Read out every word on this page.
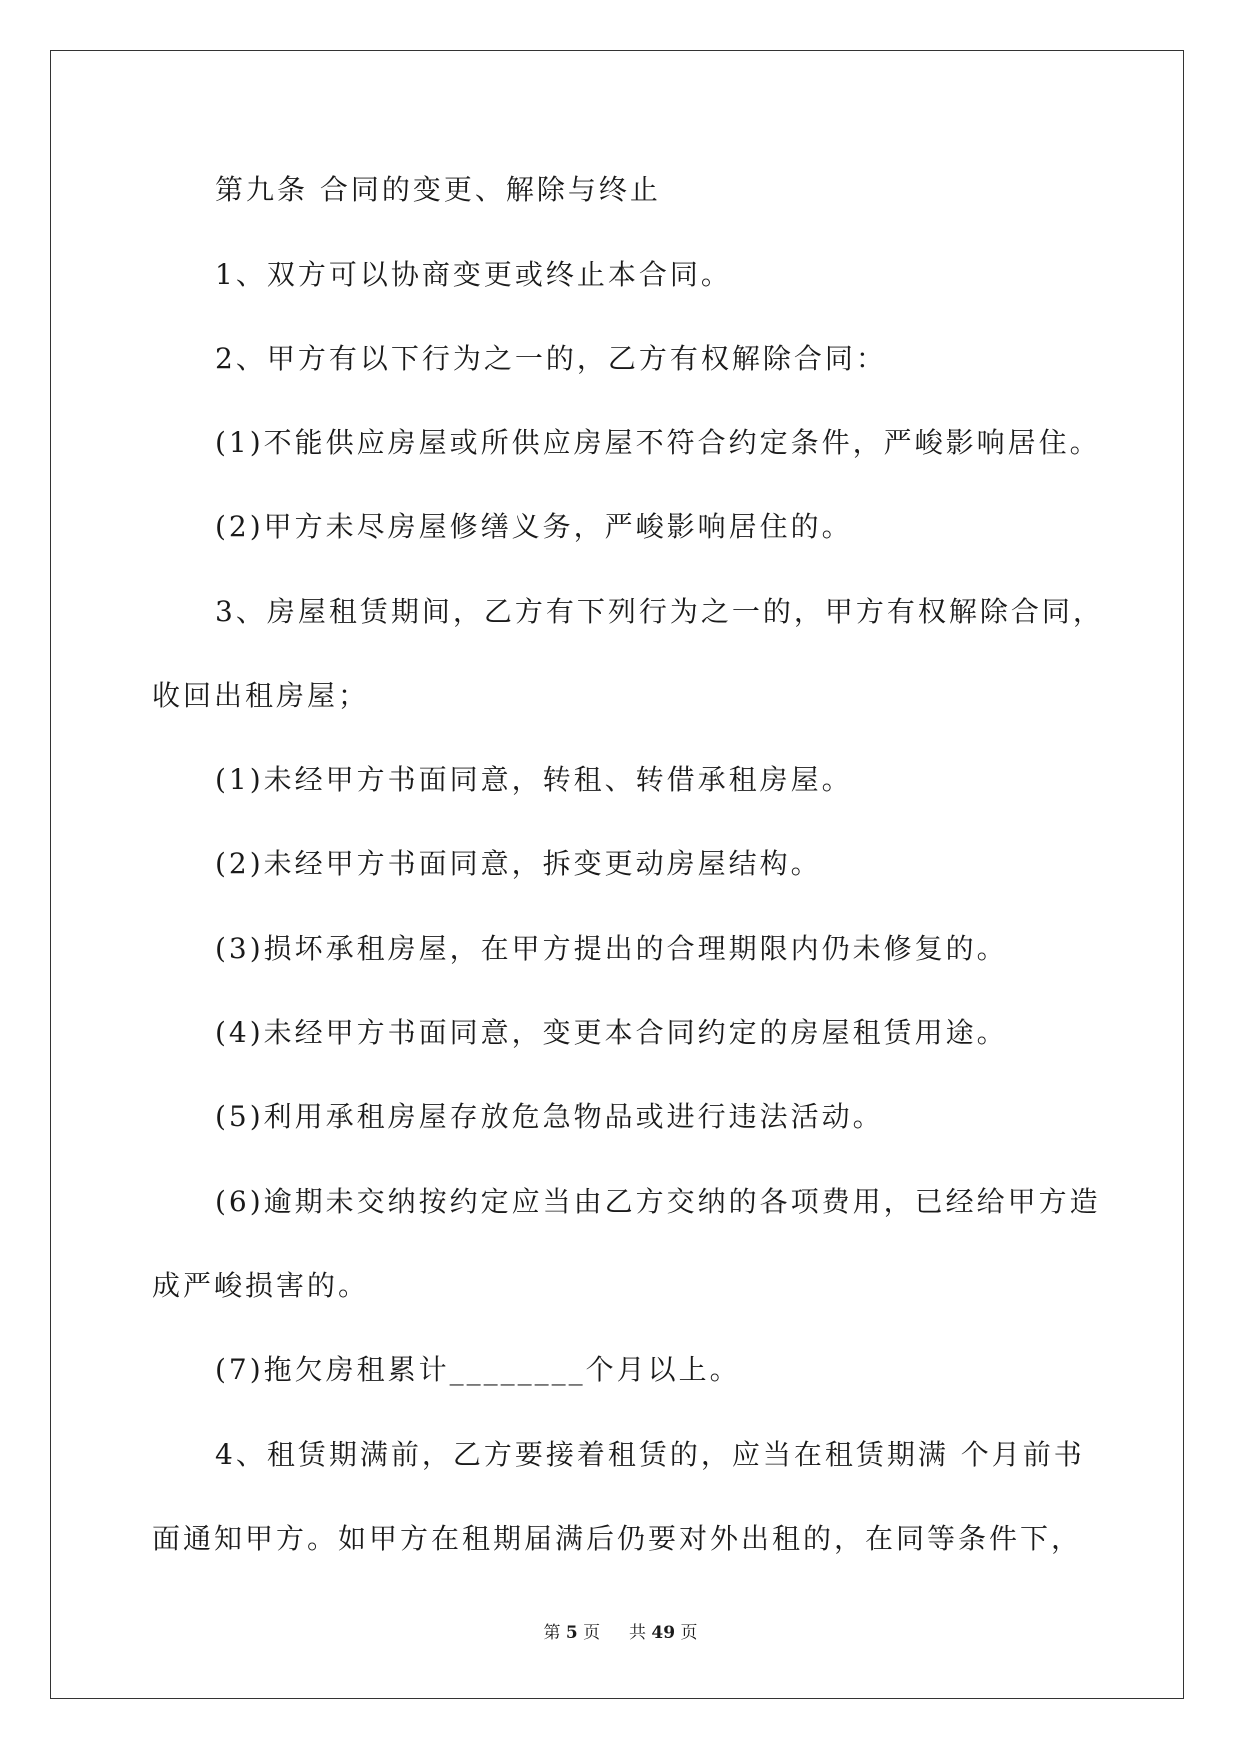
第九条 合同的变更、解除与终止
1、双方可以协商变更或终止本合同。
2、甲方有以下行为之一的，乙方有权解除合同：
(1)不能供应房屋或所供应房屋不符合约定条件，严峻影响居住。
(2)甲方未尽房屋修缮义务，严峻影响居住的。
3、房屋租赁期间，乙方有下列行为之一的，甲方有权解除合同，
收回出租房屋；
(1)未经甲方书面同意，转租、转借承租房屋。
(2)未经甲方书面同意，拆变更动房屋结构。
(3)损坏承租房屋，在甲方提出的合理期限内仍未修复的。
(4)未经甲方书面同意，变更本合同约定的房屋租赁用途。
(5)利用承租房屋存放危急物品或进行违法活动。
(6)逾期未交纳按约定应当由乙方交纳的各项费用，已经给甲方造
成严峻损害的。
(7)拖欠房租累计________个月以上。
4、租赁期满前，乙方要接着租赁的，应当在租赁期满 个月前书
面通知甲方。如甲方在租期届满后仍要对外出租的，在同等条件下，
第 5 页 共 49 页
